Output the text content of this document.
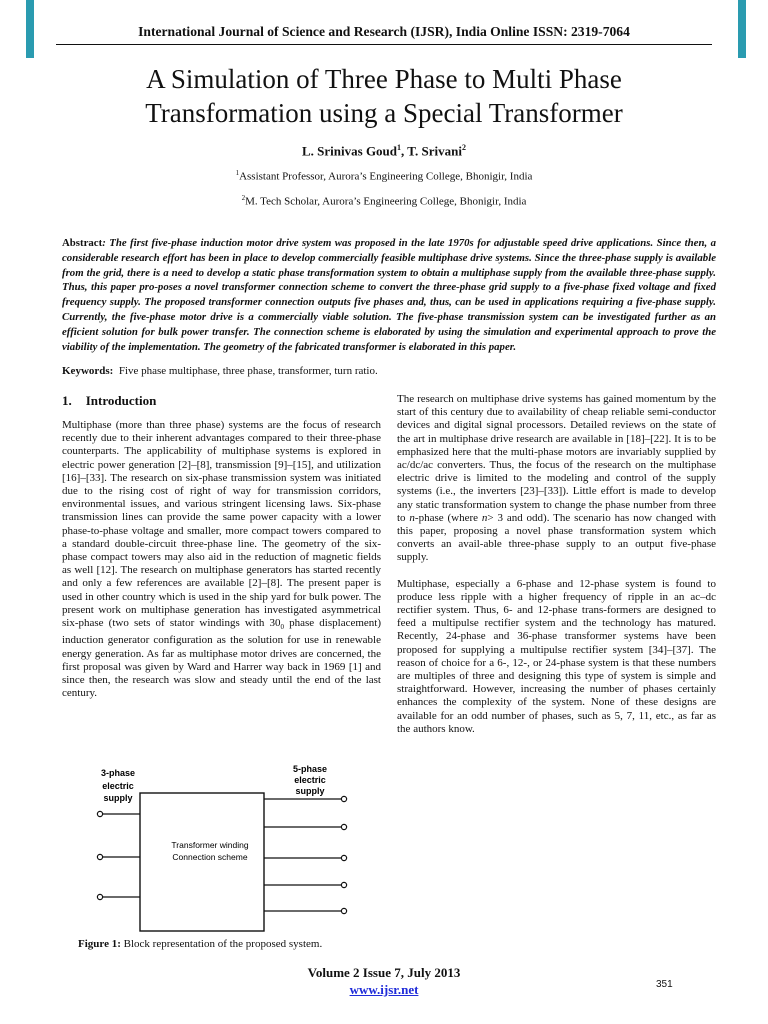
International Journal of Science and Research (IJSR), India Online ISSN: 2319-7064
A Simulation of Three Phase to Multi Phase
Transformation using a Special Transformer
L. Srinivas Goud$^1$, T. Srivani$^2$
$^1$Assistant Professor, Aurora’s Engineering College, Bhonigir, India
$^2$M. Tech Scholar, Aurora’s Engineering College, Bhonigir, India
Abstract: The first five-phase induction motor drive system was proposed in the late 1970s for adjustable speed drive applications. Since then, a considerable research effort has been in place to develop commercially feasible multiphase drive systems. Since the three-phase supply is available from the grid, there is a need to develop a static phase transformation system to obtain a multiphase supply from the available three-phase supply. Thus, this paper pro-poses a novel transformer connection scheme to convert the three-phase grid supply to a five-phase fixed voltage and fixed frequency supply. The proposed transformer connection outputs five phases and, thus, can be used in applications requiring a five-phase supply. Currently, the five-phase motor drive is a commercially viable solution. The five-phase transmission system can be investigated further as an efficient solution for bulk power transfer. The connection scheme is elaborated by using the simulation and experimental approach to prove the viability of the implementation. The geometry of the fabricated transformer is elaborated in this paper.
Keywords: Five phase multiphase, three phase, transformer, turn ratio.
1. Introduction

Multiphase (more than three phase) systems are the focus of research recently due to their inherent advantages compared to their three-phase counterparts. The applicability of multiphase systems is explored in electric power generation [2]–[8], transmission [9]–[15], and utilization [16]–[33]. The research on six-phase transmission system was initiated due to the rising cost of right of way for transmission corridors, environmental issues, and various stringent licensing laws. Six-phase transmission lines can provide the same power capacity with a lower phase-to-phase voltage and smaller, more compact towers compared to a standard double-circuit three-phase line. The geometry of the six-phase compact towers may also aid in the reduction of magnetic fields as well [12]. The research on multiphase generators has started recently and only a few references are available [2]–[8]. The present paper is used in other country which is used in the ship yard for bulk power. The present work on multiphase generation has investigated asymmetrical six-phase (two sets of stator windings with $30_0$ phase displacement) induction generator configuration as the solution for use in renewable energy generation. As far as multiphase motor drives are concerned, the first proposal was given by Ward and Harrer way back in 1969 [1] and since then, the research was slow and steady until the end of the last century.

The research on multiphase drive systems has gained momentum by the start of this century due to availability of cheap reliable semi-conductor devices and digital signal processors. Detailed reviews on the state of the art in multiphase drive research are available in [18]–[22]. It is to be emphasized here that the multi-phase motors are invariably supplied by ac/dc/ac converters. Thus, the focus of the research on the multiphase electric drive is limited to the modeling and control of the supply systems (i.e., the inverters [23]–[33]). Little effort is made to develop any static transformation system to change the phase number from three to n-phase (where n> 3 and odd). The scenario has now changed with this paper, proposing a novel phase transformation system which converts an avail-able three-phase supply to an output five-phase supply.

Multiphase, especially a 6-phase and 12-phase system is found to produce less ripple with a higher frequency of ripple in an ac–dc rectifier system. Thus, 6- and 12-phase trans-formers are designed to feed a multipulse rectifier system and the technology has matured. Recently, 24-phase and 36-phase transformer systems have been proposed for supplying a multipulse rectifier system [34]–[37]. The reason of choice for a 6-, 12-, or 24-phase system is that these numbers are multiples of three and designing this type of system is simple and straightforward. However, increasing the number of phases certainly enhances the complexity of the system. None of these designs are available for an odd number of phases, such as 5, 7, 11, etc., as far as the authors know.

3-phase
electric
supply
5-phase
electric
supply
Transformer winding
Connection scheme
Figure 1: Block representation of the proposed system.
Volume 2 Issue 7, July 2013
www.ijsr.net	351
